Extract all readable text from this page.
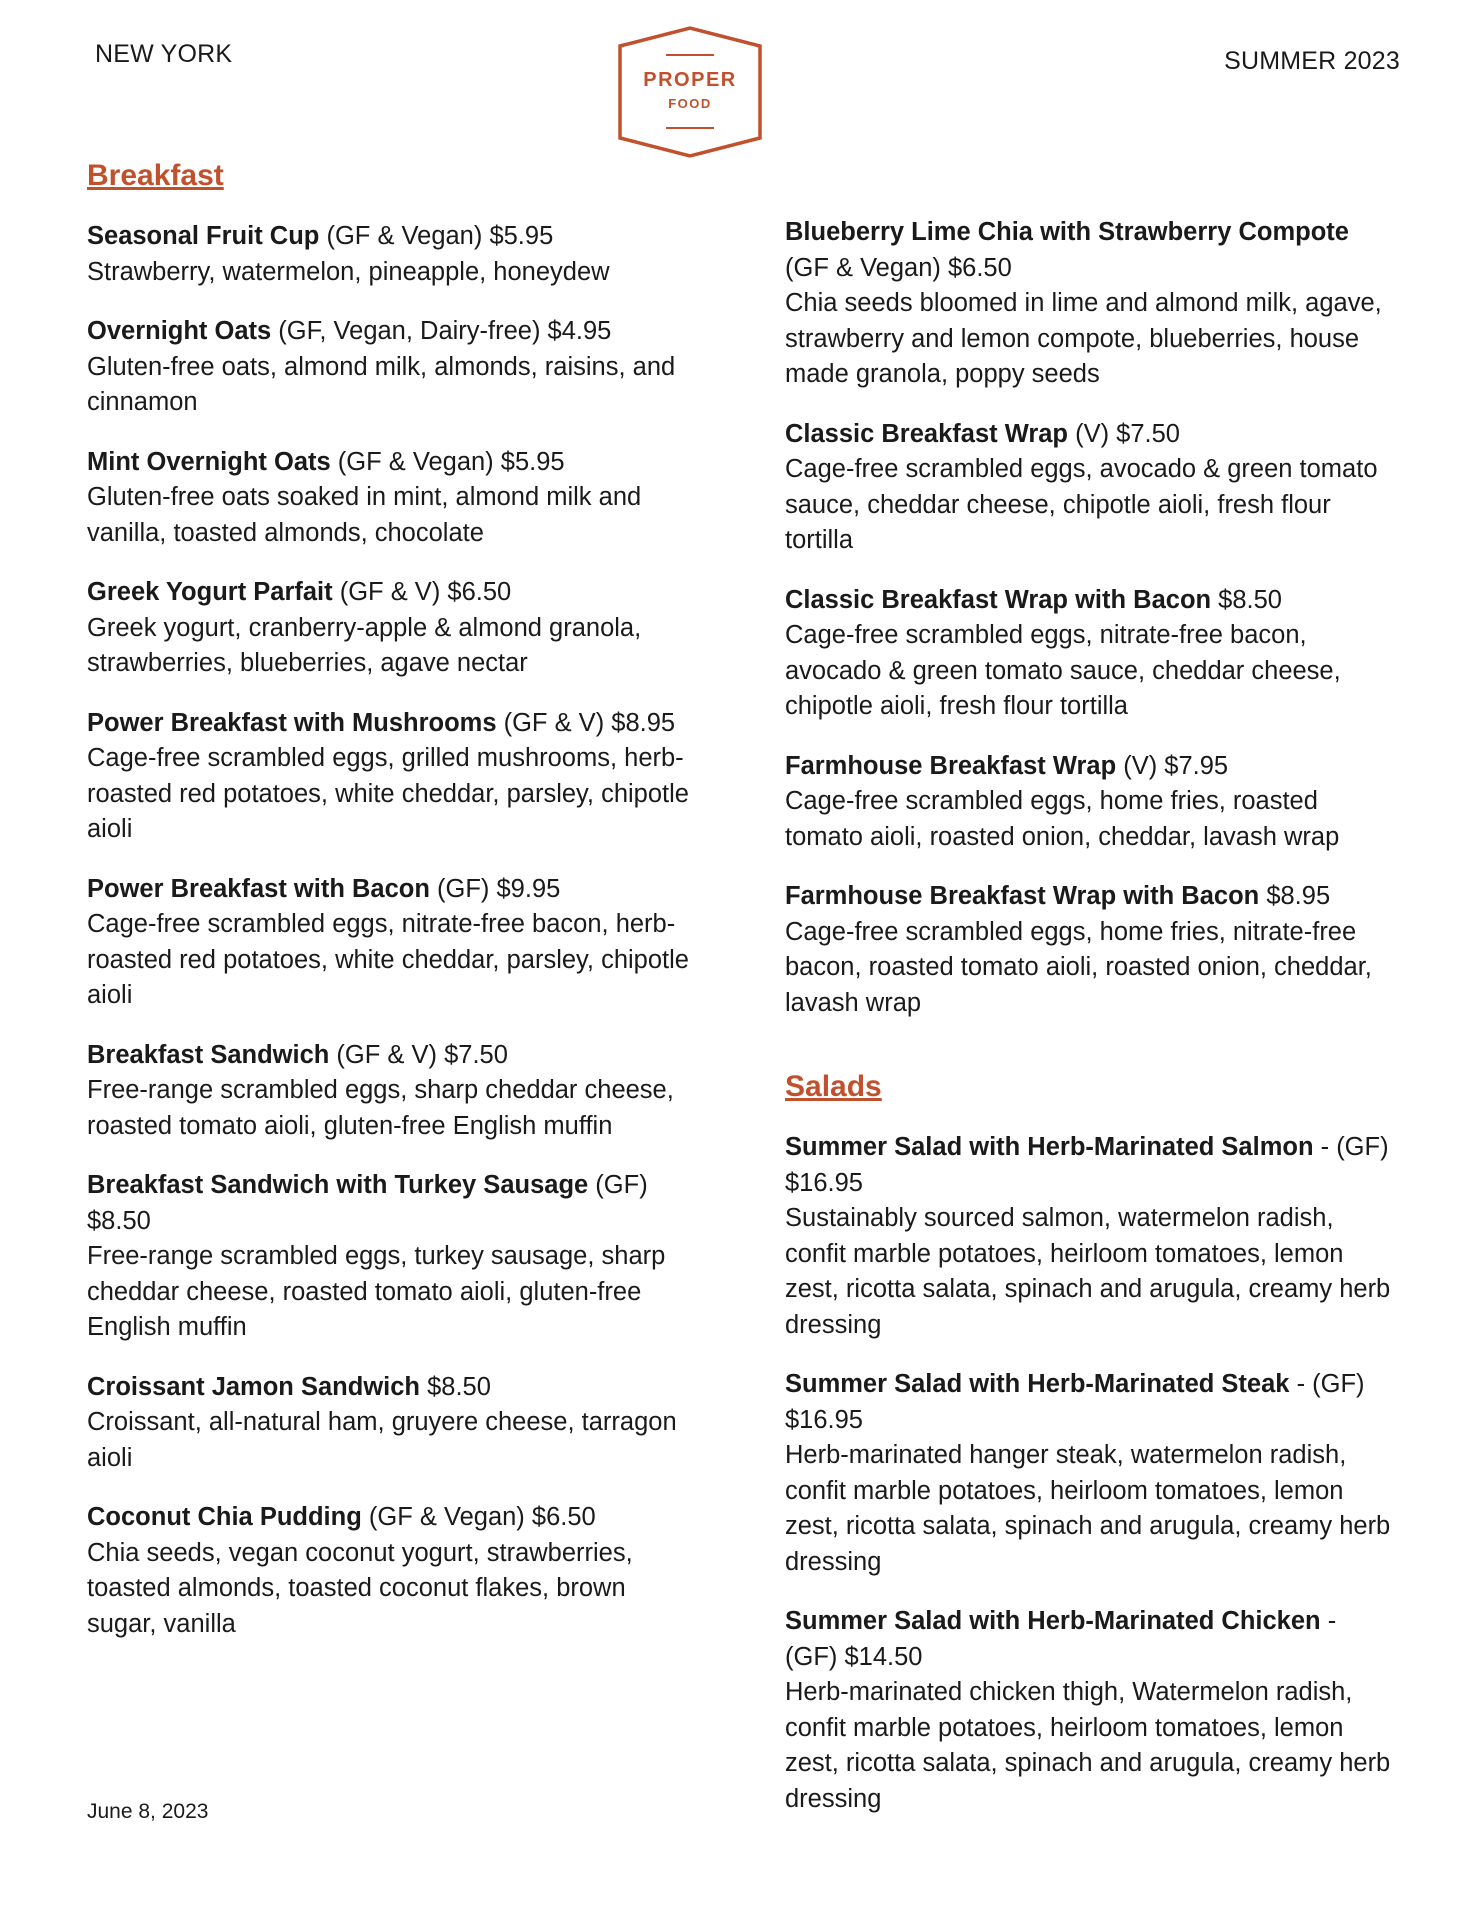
NEW YORK	SUMMER 2023
PROPER
FOOD
Breakfast
Seasonal Fruit Cup (GF & Vegan) $5.95
Strawberry, watermelon, pineapple, honeydew
Overnight Oats (GF, Vegan, Dairy-free) $4.95
Gluten-free oats, almond milk, almonds, raisins, and cinnamon
Mint Overnight Oats (GF & Vegan) $5.95
Gluten-free oats soaked in mint, almond milk and vanilla, toasted almonds, chocolate
Greek Yogurt Parfait (GF & V) $6.50
Greek yogurt, cranberry-apple & almond granola, strawberries, blueberries, agave nectar
Power Breakfast with Mushrooms (GF & V) $8.95
Cage-free scrambled eggs, grilled mushrooms, herb-roasted red potatoes, white cheddar, parsley, chipotle aioli
Power Breakfast with Bacon (GF) $9.95
Cage-free scrambled eggs, nitrate-free bacon, herb-roasted red potatoes, white cheddar, parsley, chipotle aioli
Breakfast Sandwich (GF & V) $7.50
Free-range scrambled eggs, sharp cheddar cheese, roasted tomato aioli, gluten-free English muffin
Breakfast Sandwich with Turkey Sausage (GF) $8.50
Free-range scrambled eggs, turkey sausage, sharp cheddar cheese, roasted tomato aioli, gluten-free English muffin
Croissant Jamon Sandwich $8.50
Croissant, all-natural ham, gruyere cheese, tarragon aioli
Coconut Chia Pudding (GF & Vegan) $6.50
Chia seeds, vegan coconut yogurt, strawberries, toasted almonds, toasted coconut flakes, brown sugar, vanilla
Blueberry Lime Chia with Strawberry Compote (GF & Vegan) $6.50
Chia seeds bloomed in lime and almond milk, agave, strawberry and lemon compote, blueberries, house made granola, poppy seeds
Classic Breakfast Wrap (V) $7.50
Cage-free scrambled eggs, avocado & green tomato sauce, cheddar cheese, chipotle aioli, fresh flour tortilla
Classic Breakfast Wrap with Bacon $8.50
Cage-free scrambled eggs, nitrate-free bacon, avocado & green tomato sauce, cheddar cheese, chipotle aioli, fresh flour tortilla
Farmhouse Breakfast Wrap (V) $7.95
Cage-free scrambled eggs, home fries, roasted tomato aioli, roasted onion, cheddar, lavash wrap
Farmhouse Breakfast Wrap with Bacon $8.95
Cage-free scrambled eggs, home fries, nitrate-free bacon, roasted tomato aioli, roasted onion, cheddar, lavash wrap
Salads
Summer Salad with Herb-Marinated Salmon - (GF) $16.95
Sustainably sourced salmon, watermelon radish, confit marble potatoes, heirloom tomatoes, lemon zest, ricotta salata, spinach and arugula, creamy herb dressing
Summer Salad with Herb-Marinated Steak - (GF) $16.95
Herb-marinated hanger steak, watermelon radish, confit marble potatoes, heirloom tomatoes, lemon zest, ricotta salata, spinach and arugula, creamy herb dressing
Summer Salad with Herb-Marinated Chicken - (GF) $14.50
Herb-marinated chicken thigh, Watermelon radish, confit marble potatoes, heirloom tomatoes, lemon zest, ricotta salata, spinach and arugula, creamy herb dressing
June 8, 2023
